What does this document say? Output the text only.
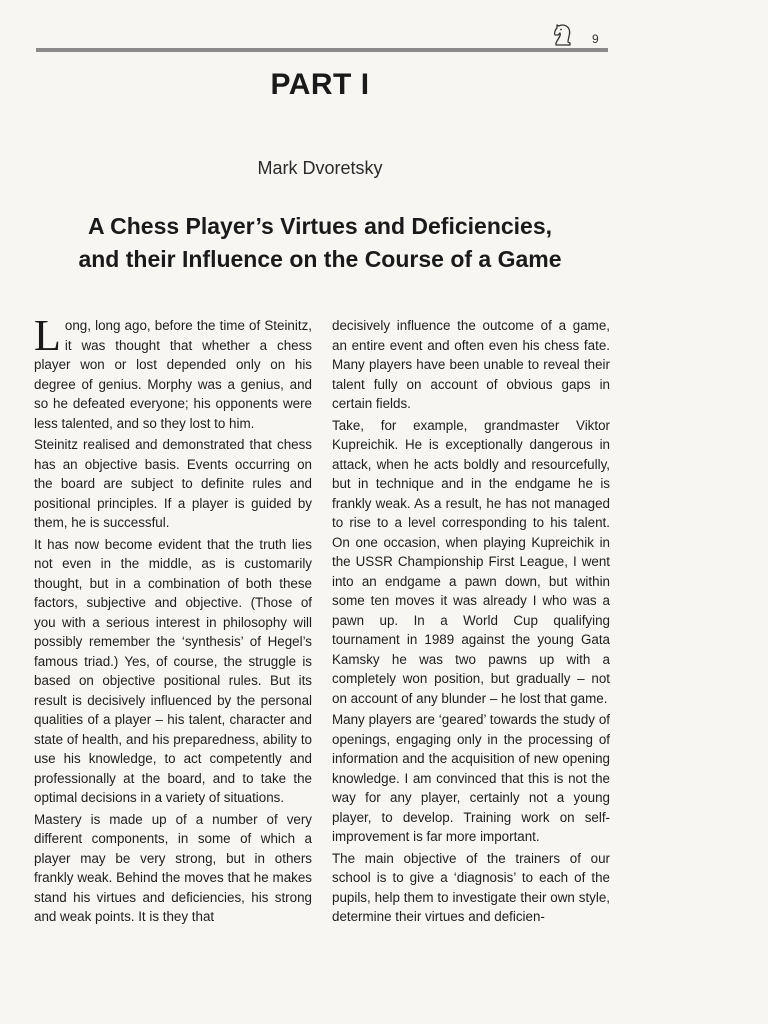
9
PART I
Mark Dvoretsky
A Chess Player’s Virtues and Deficiencies,
and their Influence on the Course of a Game

Long, long ago, before the time of Steinitz, it was thought that whether a chess player won or lost depended only on his degree of genius. Morphy was a genius, and so he defeated everyone; his opponents were less talented, and so they lost to him.

Steinitz realised and demonstrated that chess has an objective basis. Events occurring on the board are subject to definite rules and positional principles. If a player is guided by them, he is successful.

It has now become evident that the truth lies not even in the middle, as is customarily thought, but in a combination of both these factors, subjective and objective. (Those of you with a serious interest in philosophy will possibly remember the ‘synthesis’ of Hegel’s famous triad.) Yes, of course, the struggle is based on objective positional rules. But its result is decisively influenced by the personal qualities of a player – his talent, character and state of health, and his preparedness, ability to use his knowledge, to act competently and professionally at the board, and to take the optimal decisions in a variety of situations.

Mastery is made up of a number of very different components, in some of which a player may be very strong, but in others frankly weak. Behind the moves that he makes stand his virtues and deficiencies, his strong and weak points. It is they that

decisively influence the outcome of a game, an entire event and often even his chess fate. Many players have been unable to reveal their talent fully on account of obvious gaps in certain fields.

Take, for example, grandmaster Viktor Kupreichik. He is exceptionally dangerous in attack, when he acts boldly and resourcefully, but in technique and in the endgame he is frankly weak. As a result, he has not managed to rise to a level corresponding to his talent. On one occasion, when playing Kupreichik in the USSR Championship First League, I went into an endgame a pawn down, but within some ten moves it was already I who was a pawn up. In a World Cup qualifying tournament in 1989 against the young Gata Kamsky he was two pawns up with a completely won position, but gradually – not on account of any blunder – he lost that game.

Many players are ‘geared’ towards the study of openings, engaging only in the processing of information and the acquisition of new opening knowledge. I am convinced that this is not the way for any player, certainly not a young player, to develop. Training work on self-improvement is far more important.

The main objective of the trainers of our school is to give a ‘diagnosis’ to each of the pupils, help them to investigate their own style, determine their virtues and deficien-
